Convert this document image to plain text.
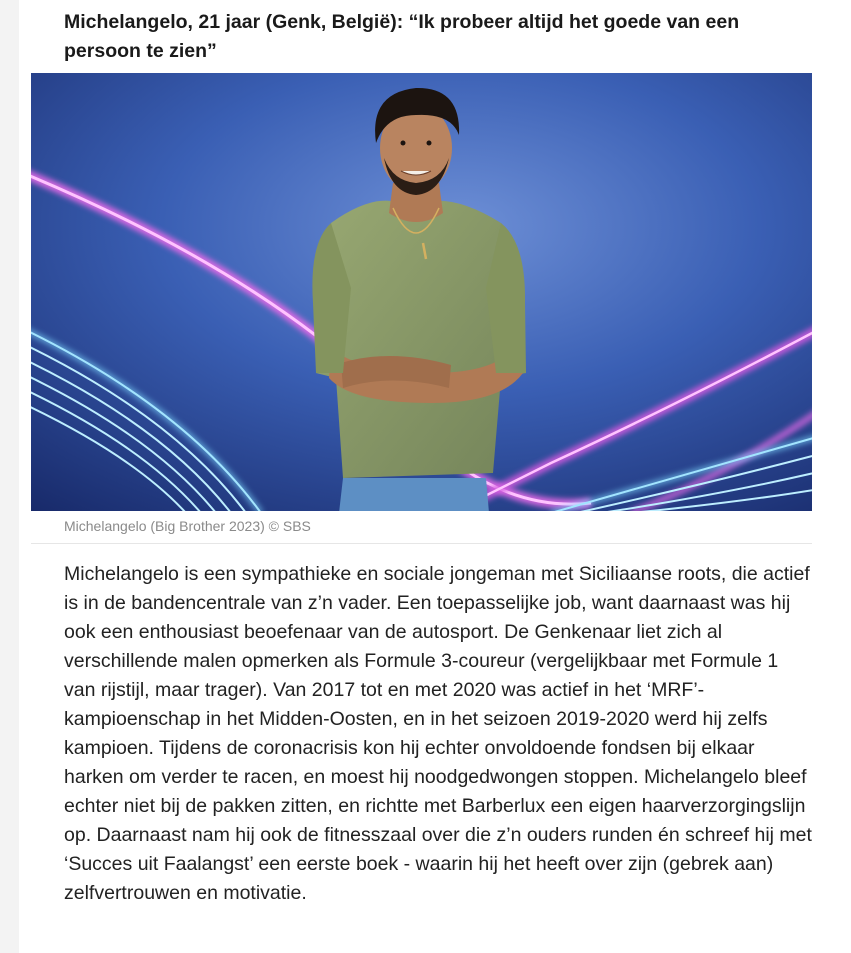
Michelangelo, 21 jaar (Genk, België): “Ik probeer altijd het goede van een persoon te zien”
Michelangelo (Big Brother 2023) © SBS

Michelangelo is een sympathieke en sociale jongeman met Siciliaanse roots, die actief is in de bandencentrale van z’n vader. Een toepasselijke job, want daarnaast was hij ook een enthousiast beoefenaar van de autosport. De Genkenaar liet zich al verschillende malen opmerken als Formule 3-coureur (vergelijkbaar met Formule 1 van rijstijl, maar trager). Van 2017 tot en met 2020 was actief in het ‘MRF’-kampioenschap in het Midden-Oosten, en in het seizoen 2019-2020 werd hij zelfs kampioen. Tijdens de coronacrisis kon hij echter onvoldoende fondsen bij elkaar harken om verder te racen, en moest hij noodgedwongen stoppen. Michelangelo bleef echter niet bij de pakken zitten, en richtte met Barberlux een eigen haarverzorgingslijn op. Daarnaast nam hij ook de fitnesszaal over die z’n ouders runden én schreef hij met ‘Succes uit Faalangst’ een eerste boek - waarin hij het heeft over zijn (gebrek aan) zelfvertrouwen en motivatie.
